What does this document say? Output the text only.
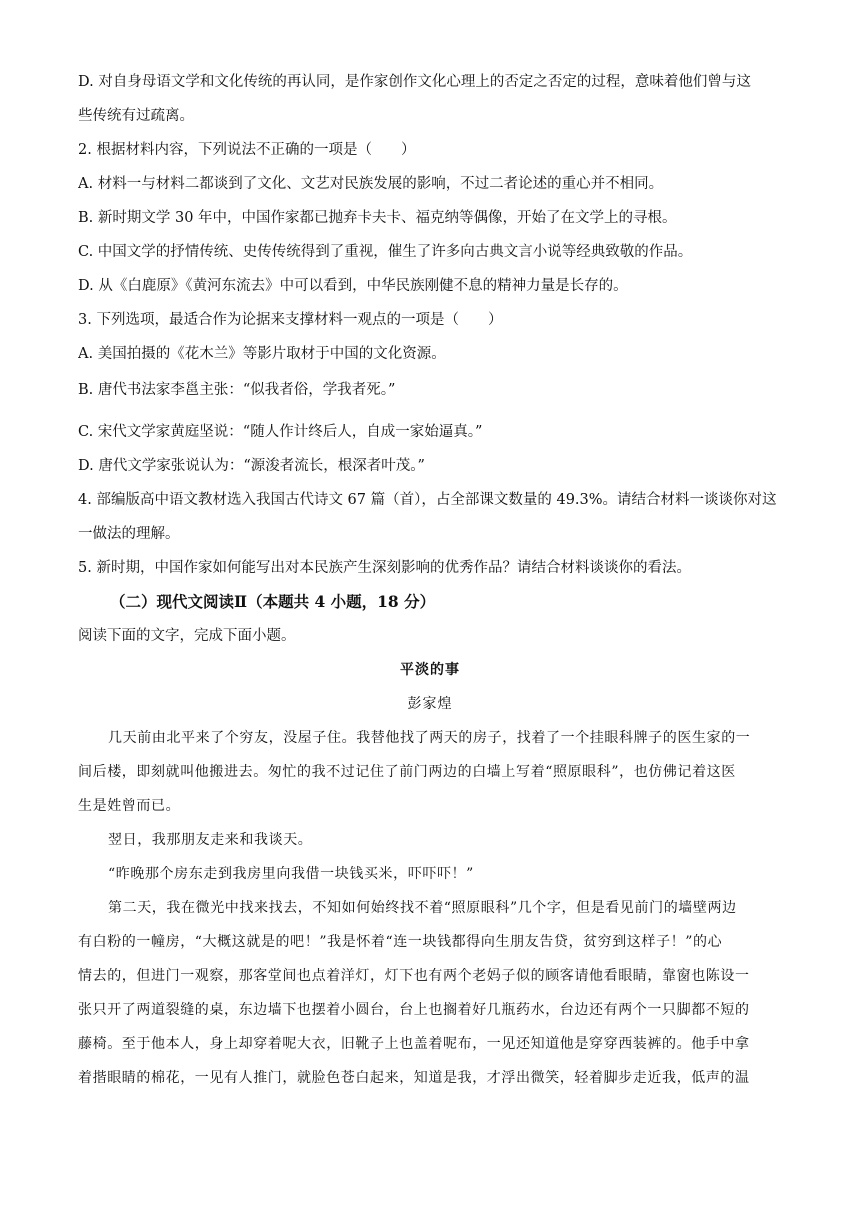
D. 对自身母语文学和文化传统的再认同，是作家创作文化心理上的否定之否定的过程，意味着他们曾与这
些传统有过疏离。
2. 根据材料内容，下列说法不正确的一项是（　　）
A. 材料一与材料二都谈到了文化、文艺对民族发展的影响，不过二者论述的重心并不相同。
B. 新时期文学 30 年中，中国作家都已抛弃卡夫卡、福克纳等偶像，开始了在文学上的寻根。
C. 中国文学的抒情传统、史传传统得到了重视，催生了许多向古典文言小说等经典致敬的作品。
D. 从《白鹿原》《黄河东流去》中可以看到，中华民族刚健不息的精神力量是长存的。
3. 下列选项，最适合作为论据来支撑材料一观点的一项是（　　）
A. 美国拍摄的《花木兰》等影片取材于中国的文化资源。
B. 唐代书法家李邕主张：“似我者俗，学我者死。”
C. 宋代文学家黄庭坚说：“随人作计终后人，自成一家始逼真。”
D. 唐代文学家张说认为：“源浚者流长，根深者叶茂。”
4. 部编版高中语文教材选入我国古代诗文 67 篇（首），占全部课文数量的 49.3%。请结合材料一谈谈你对这
一做法的理解。
5. 新时期，中国作家如何能写出对本民族产生深刻影响的优秀作品？请结合材料谈谈你的看法。
（二）现代文阅读Ⅱ（本题共 4 小题，18 分）
阅读下面的文字，完成下面小题。
平淡的事
彭家煌
几天前由北平来了个穷友，没屋子住。我替他找了两天的房子，找着了一个挂眼科牌子的医生家的一
间后楼，即刻就叫他搬进去。匆忙的我不过记住了前门两边的白墙上写着“照原眼科”，也仿佛记着这医
生是姓曾而已。
翌日，我那朋友走来和我谈天。
“昨晚那个房东走到我房里向我借一块钱买米，吓吓吓！”
第二天，我在微光中找来找去，不知如何始终找不着“照原眼科”几个字，但是看见前门的墙壁两边
有白粉的一幢房，“大概这就是的吧！”我是怀着“连一块钱都得向生朋友告贷，贫穷到这样子！”的心
情去的，但进门一观察，那客堂间也点着洋灯，灯下也有两个老妈子似的顾客请他看眼睛，靠窗也陈设一
张只开了两道裂缝的桌，东边墙下也摆着小圆台，台上也搁着好几瓶药水，台边还有两个一只脚都不短的
藤椅。至于他本人，身上却穿着呢大衣，旧靴子上也盖着呢布，一见还知道他是穿穿西装裤的。他手中拿
着揩眼睛的棉花，一见有人推门，就脸色苍白起来，知道是我，才浮出微笑，轻着脚步走近我，低声的温
